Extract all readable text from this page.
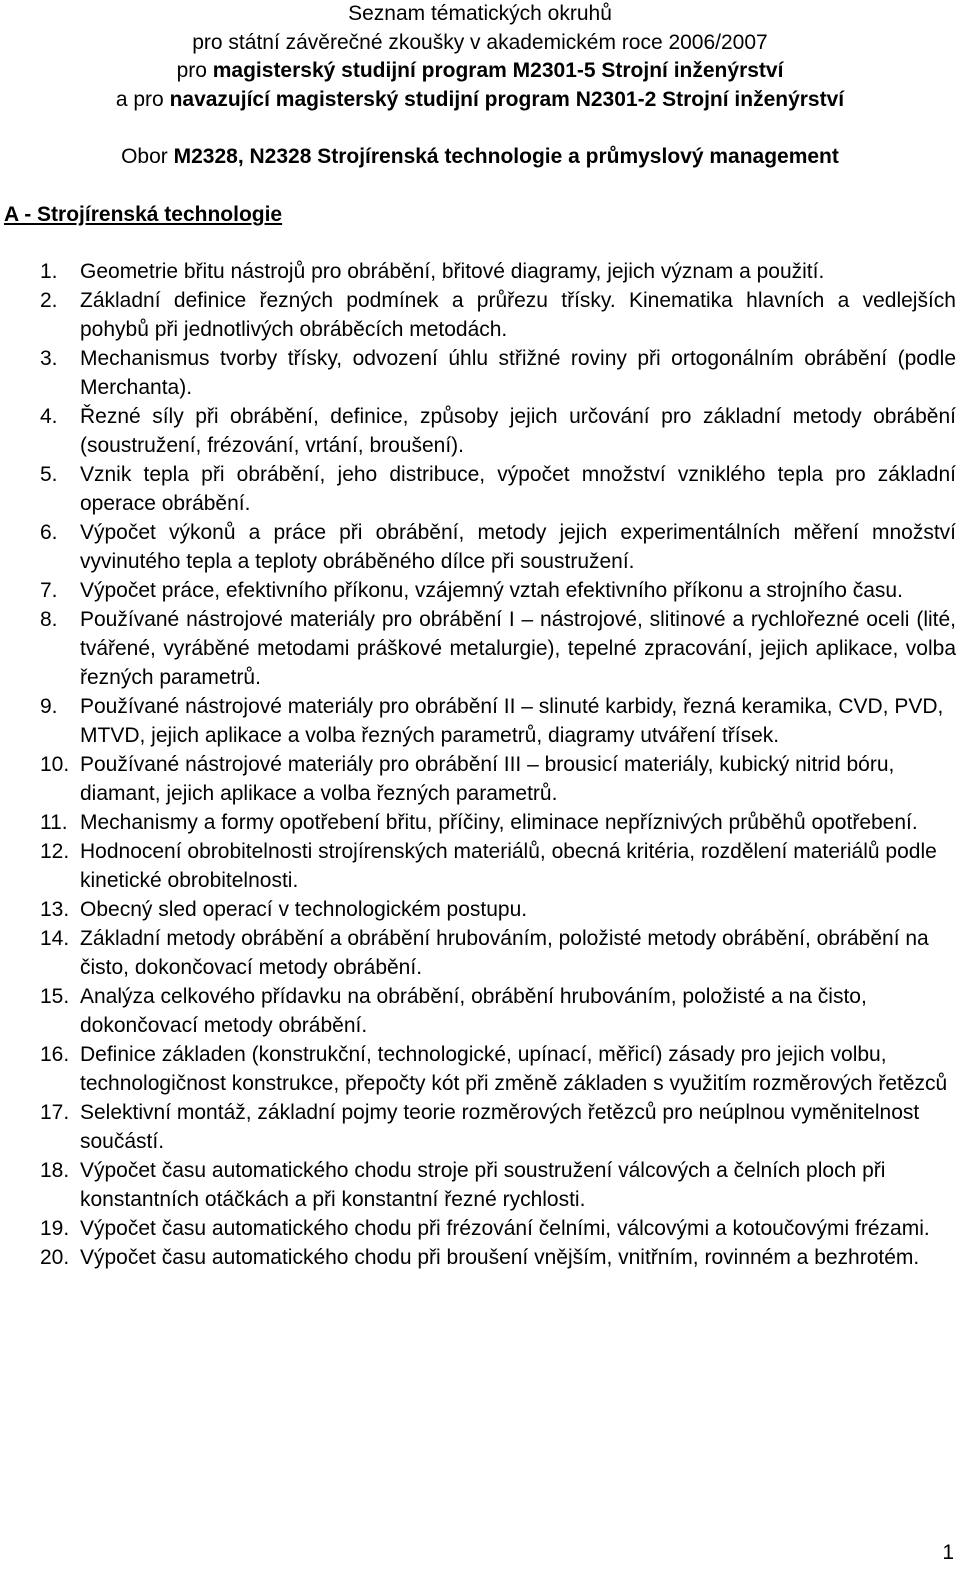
Seznam tématických okruhů
pro státní závěrečné zkoušky v akademickém roce 2006/2007
pro magisterský studijní program M2301-5 Strojní inženýrství
a pro navazující magisterský studijní program N2301-2 Strojní inženýrství
Obor M2328, N2328 Strojírenská technologie a průmyslový management
A - Strojírenská technologie
1.	Geometrie břitu nástrojů pro obrábění, břitové diagramy, jejich význam a použití.
2.	Základní definice řezných podmínek a průřezu třísky. Kinematika hlavních a vedlejších pohybů při jednotlivých obráběcích metodách.
3.	Mechanismus tvorby třísky, odvození úhlu střižné roviny při ortogonálním obrábění (podle Merchanta).
4.	Řezné síly při obrábění, definice, způsoby jejich určování pro základní metody obrábění (soustružení, frézování, vrtání, broušení).
5.	Vznik tepla při obrábění, jeho distribuce, výpočet množství vzniklého tepla pro základní operace obrábění.
6.	Výpočet výkonů a práce při obrábění, metody jejich experimentálních měření množství vyvinutého tepla a teploty obráběného dílce při soustružení.
7.	Výpočet práce, efektivního příkonu, vzájemný vztah efektivního příkonu a strojního času.
8.	Používané nástrojové materiály pro obrábění I – nástrojové, slitinové a rychlořezné oceli (lité, tvářené, vyráběné metodami práškové metalurgie), tepelné zpracování, jejich aplikace, volba řezných parametrů.
9.	Používané nástrojové materiály pro obrábění II – slinuté karbidy, řezná keramika, CVD, PVD, MTVD, jejich aplikace a volba řezných parametrů, diagramy utváření třísek.
10. Používané nástrojové materiály pro obrábění III – brousicí materiály, kubický nitrid bóru, diamant, jejich aplikace a volba řezných parametrů.
11. Mechanismy a formy opotřebení břitu, příčiny, eliminace nepříznivých průběhů opotřebení.
12. Hodnocení obrobitelnosti strojírenských materiálů, obecná kritéria, rozdělení materiálů podle kinetické obrobitelnosti.
13. Obecný sled operací v technologickém postupu.
14. Základní metody obrábění a obrábění hrubováním, položisté metody obrábění, obrábění na čisto, dokončovací metody obrábění.
15. Analýza celkového přídavku na obrábění, obrábění hrubováním, položisté a na čisto, dokončovací metody obrábění.
16. Definice základen (konstrukční, technologické, upínací, měřicí) zásady pro jejich volbu, technologičnost konstrukce, přepočty kót při změně základen s využitím rozměrových řetězců
17. Selektivní montáž, základní pojmy teorie rozměrových řetězců pro neúplnou vyměnitelnost součástí.
18. Výpočet času automatického chodu stroje při soustružení válcových a čelních ploch při konstantních otáčkách a při konstantní řezné rychlosti.
19. Výpočet času automatického chodu při frézování čelními, válcovými a kotoučovými frézami.
20. Výpočet času automatického chodu při broušení vnějším, vnitřním, rovinném a bezhrotém.
1
